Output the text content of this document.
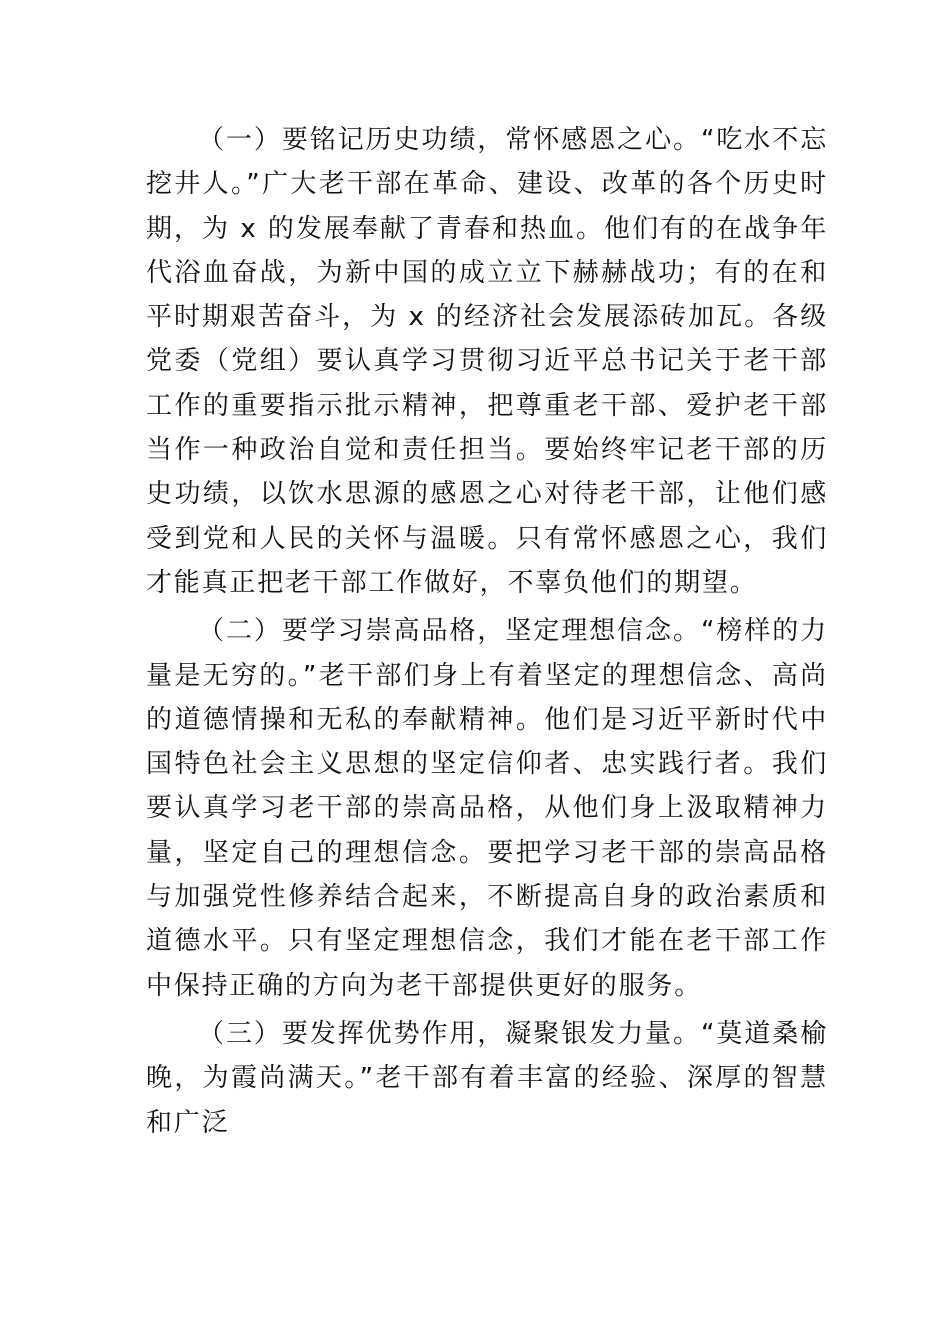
（一）要铭记历史功绩，常怀感恩之心。“吃水不忘挖井人。”广大老干部在革命、建设、改革的各个历史时期，为 x 的发展奉献了青春和热血。他们有的在战争年代浴血奋战，为新中国的成立立下赫赫战功；有的在和平时期艰苦奋斗，为 x 的经济社会发展添砖加瓦。各级党委（党组）要认真学习贯彻习近平总书记关于老干部工作的重要指示批示精神，把尊重老干部、爱护老干部当作一种政治自觉和责任担当。要始终牢记老干部的历史功绩，以饮水思源的感恩之心对待老干部，让他们感受到党和人民的关怀与温暖。只有常怀感恩之心，我们才能真正把老干部工作做好，不辜负他们的期望。

（二）要学习崇高品格，坚定理想信念。“榜样的力量是无穷的。”老干部们身上有着坚定的理想信念、高尚的道德情操和无私的奉献精神。他们是习近平新时代中国特色社会主义思想的坚定信仰者、忠实践行者。我们要认真学习老干部的崇高品格，从他们身上汲取精神力量，坚定自己的理想信念。要把学习老干部的崇高品格与加强党性修养结合起来，不断提高自身的政治素质和道德水平。只有坚定理想信念，我们才能在老干部工作中保持正确的方向为老干部提供更好的服务。

（三）要发挥优势作用，凝聚银发力量。“莫道桑榆晚，为霞尚满天。”老干部有着丰富的经验、深厚的智慧和广泛
